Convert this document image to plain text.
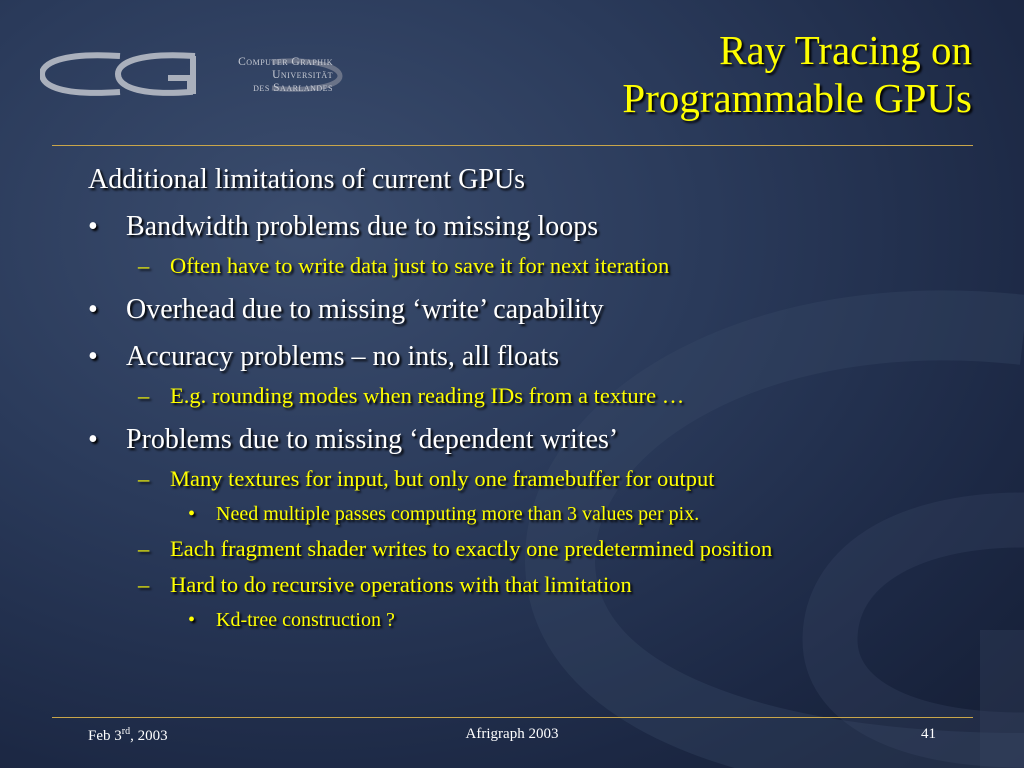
Computer Graphik
Universität
des Saarlandes
Ray Tracing on
Programmable GPUs
Additional limitations of current GPUs
• Bandwidth problems due to missing loops
– Often have to write data just to save it for next iteration
• Overhead due to missing ‘write’ capability
• Accuracy problems – no ints, all floats
– E.g. rounding modes when reading IDs from a texture …
• Problems due to missing ‘dependent writes’
– Many textures for input, but only one framebuffer for output
• Need multiple passes computing more than 3 values per pix.
– Each fragment shader writes to exactly one predetermined position
– Hard to do recursive operations with that limitation
• Kd-tree construction ?
Feb 3rd, 2003	Afrigraph 2003	41
